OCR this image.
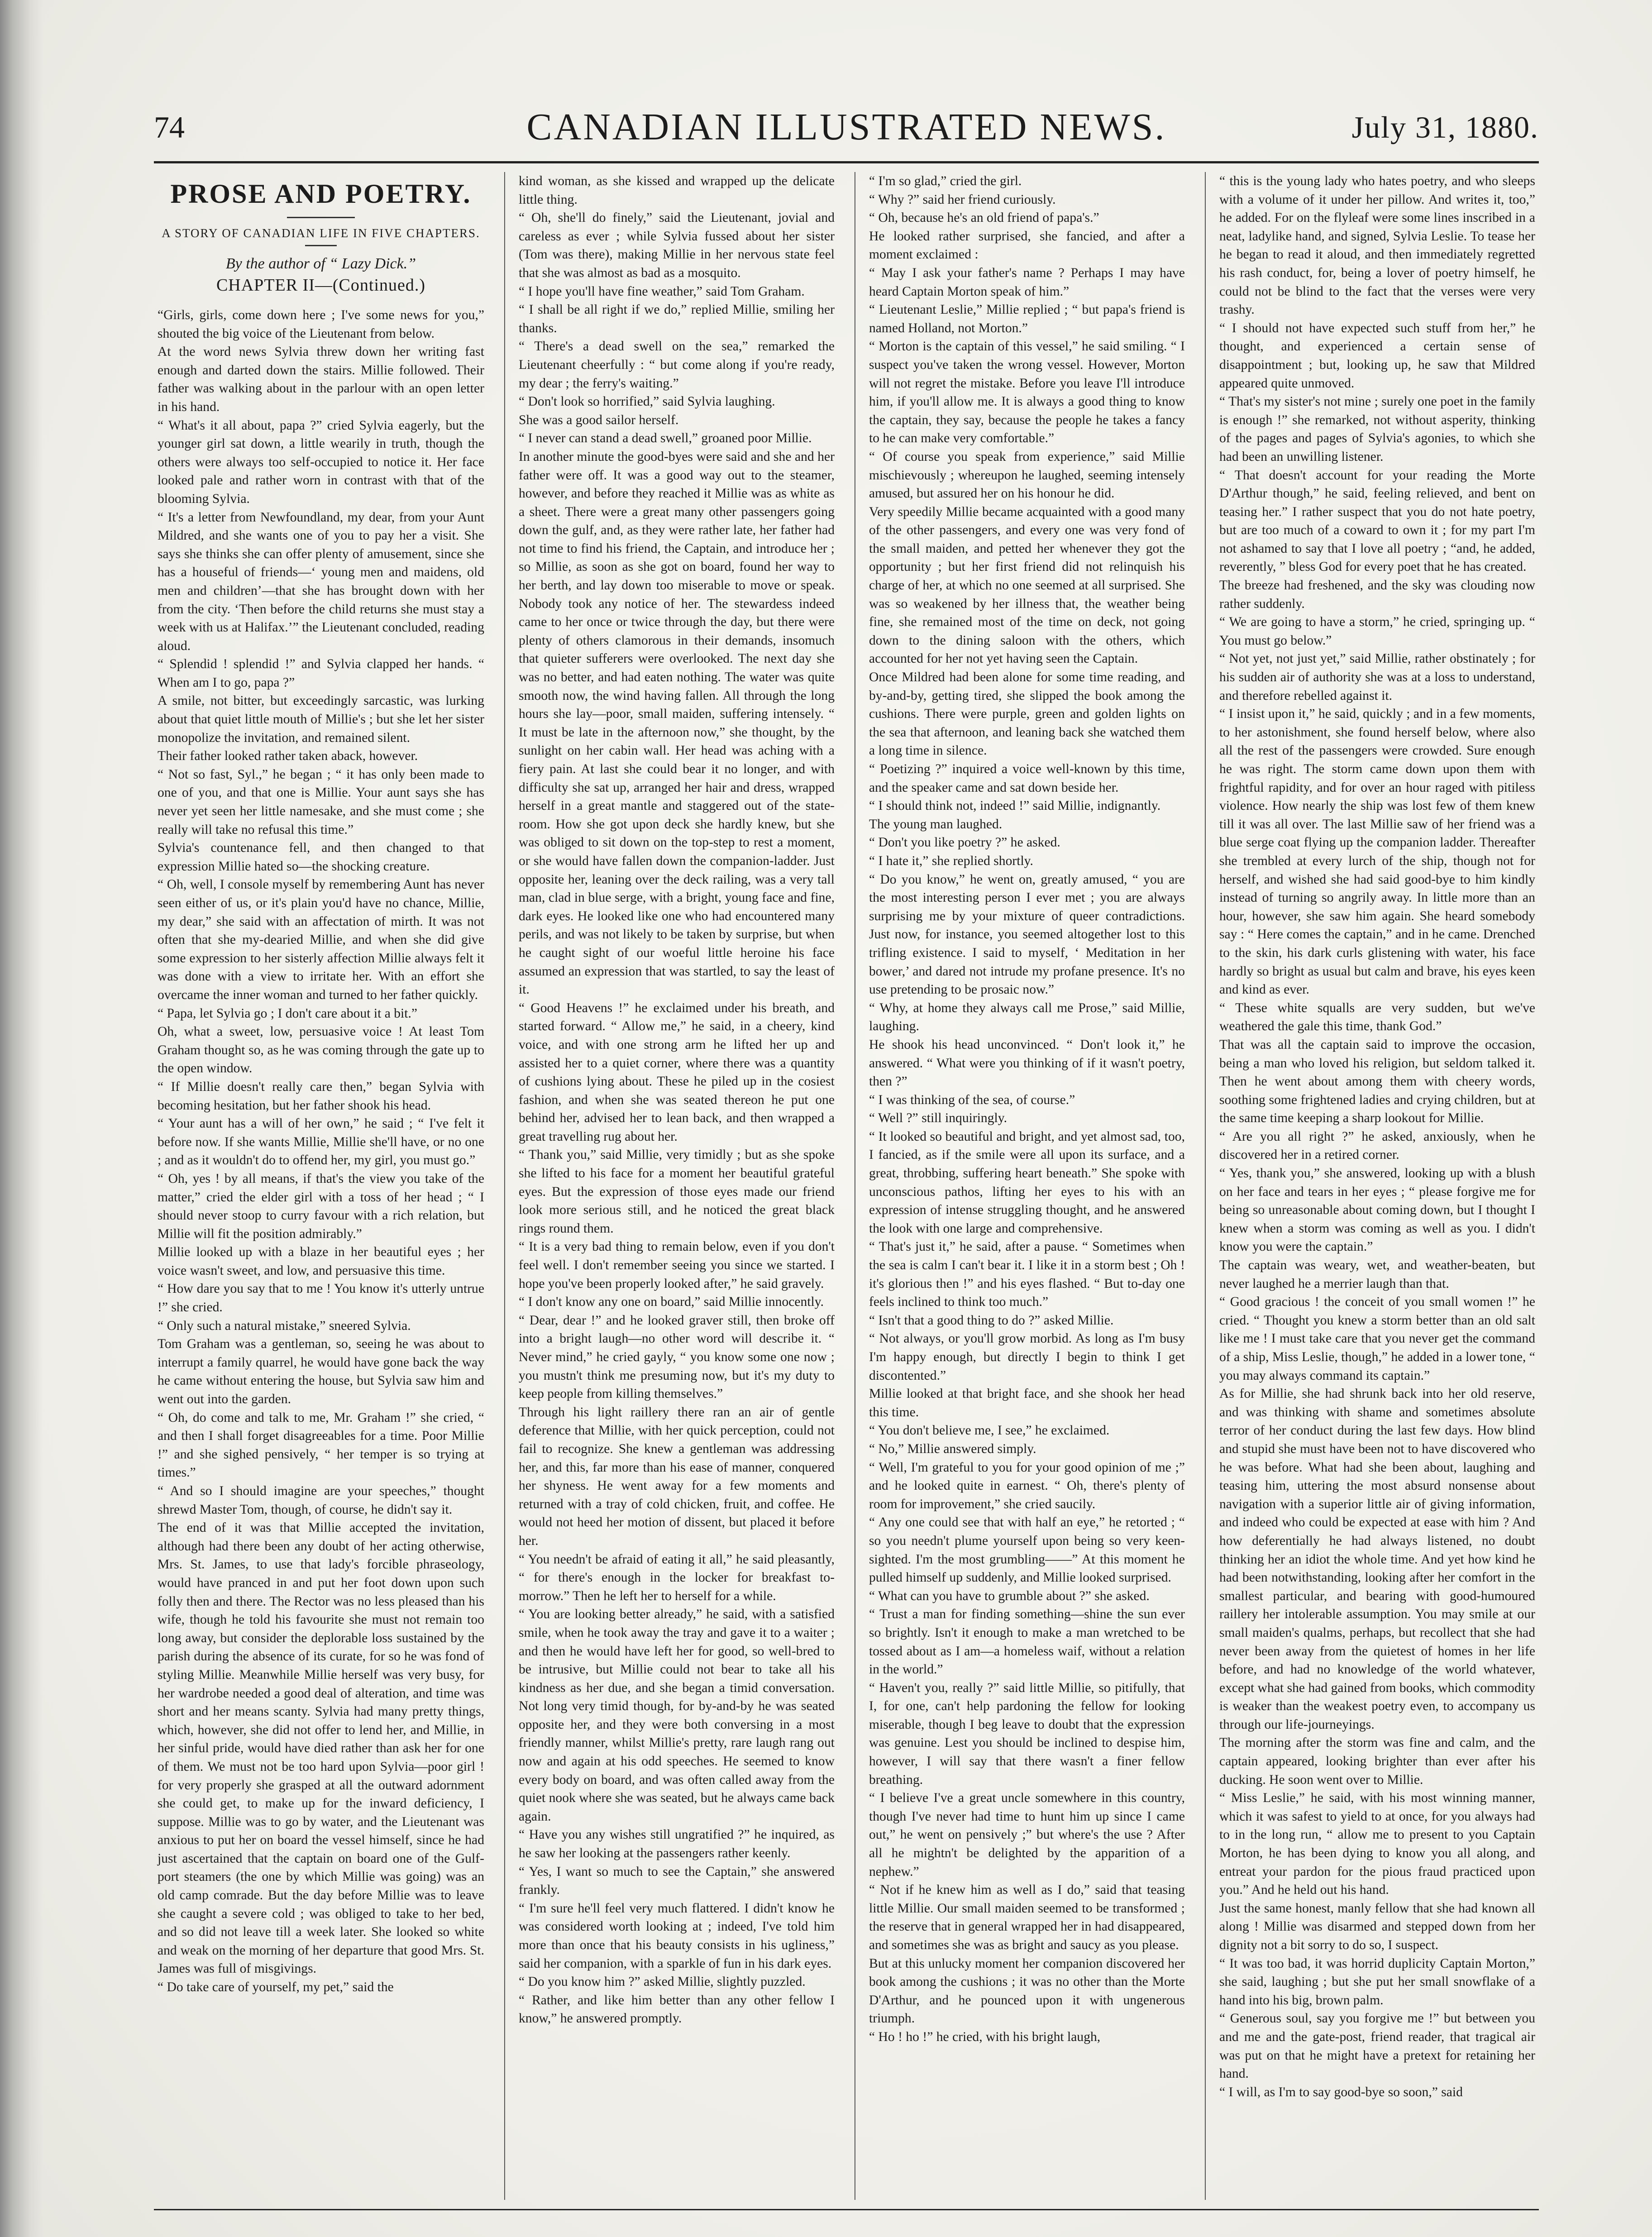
74	CANADIAN ILLUSTRATED NEWS.	July 31, 1880.
PROSE AND POETRY.
A STORY OF CANADIAN LIFE IN FIVE CHAPTERS.
By the author of “ Lazy Dick.”
CHAPTER II—(Continued.)
“Girls, girls, come down here ; I've some news for you,” shouted the big voice of the Lieutenant from below.
At the word news Sylvia threw down her writing fast enough and darted down the stairs. Millie followed. Their father was walking about in the parlour with an open letter in his hand.
“ What's it all about, papa ?” cried Sylvia eagerly, but the younger girl sat down, a little wearily in truth, though the others were always too self-occupied to notice it. Her face looked pale and rather worn in contrast with that of the blooming Sylvia.
“ It's a letter from Newfoundland, my dear, from your Aunt Mildred, and she wants one of you to pay her a visit. She says she thinks she can offer plenty of amusement, since she has a houseful of friends—‘ young men and maidens, old men and children’—that she has brought down with her from the city. ‘Then before the child returns she must stay a week with us at Halifax.’” the Lieutenant concluded, reading aloud.
“ Splendid ! splendid !” and Sylvia clapped her hands. “ When am I to go, papa ?”
A smile, not bitter, but exceedingly sarcastic, was lurking about that quiet little mouth of Millie's ; but she let her sister monopolize the invitation, and remained silent.
Their father looked rather taken aback, however.
“ Not so fast, Syl.,” he began ; “ it has only been made to one of you, and that one is Millie. Your aunt says she has never yet seen her little namesake, and she must come ; she really will take no refusal this time.”
Sylvia's countenance fell, and then changed to that expression Millie hated so—the shocking creature.
“ Oh, well, I console myself by remembering Aunt has never seen either of us, or it's plain you'd have no chance, Millie, my dear,” she said with an affectation of mirth. It was not often that she my-dearied Millie, and when she did give some expression to her sisterly affection Millie always felt it was done with a view to irritate her. With an effort she overcame the inner woman and turned to her father quickly.
“ Papa, let Sylvia go ; I don't care about it a bit.”
Oh, what a sweet, low, persuasive voice ! At least Tom Graham thought so, as he was coming through the gate up to the open window.
“ If Millie doesn't really care then,” began Sylvia with becoming hesitation, but her father shook his head.
“ Your aunt has a will of her own,” he said ; “ I've felt it before now. If she wants Millie, Millie she'll have, or no one ; and as it wouldn't do to offend her, my girl, you must go.”
“ Oh, yes ! by all means, if that's the view you take of the matter,” cried the elder girl with a toss of her head ; “ I should never stoop to curry favour with a rich relation, but Millie will fit the position admirably.”
Millie looked up with a blaze in her beautiful eyes ; her voice wasn't sweet, and low, and persuasive this time.
“ How dare you say that to me ! You know it's utterly untrue !” she cried.
“ Only such a natural mistake,” sneered Sylvia.
Tom Graham was a gentleman, so, seeing he was about to interrupt a family quarrel, he would have gone back the way he came without entering the house, but Sylvia saw him and went out into the garden.
“ Oh, do come and talk to me, Mr. Graham !” she cried, “ and then I shall forget disagreeables for a time. Poor Millie !” and she sighed pensively, “ her temper is so trying at times.”
“ And so I should imagine are your speeches,” thought shrewd Master Tom, though, of course, he didn't say it.
The end of it was that Millie accepted the invitation, although had there been any doubt of her acting otherwise, Mrs. St. James, to use that lady's forcible phraseology, would have pranced in and put her foot down upon such folly then and there. The Rector was no less pleased than his wife, though he told his favourite she must not remain too long away, but consider the deplorable loss sustained by the parish during the absence of its curate, for so he was fond of styling Millie. Meanwhile Millie herself was very busy, for her wardrobe needed a good deal of alteration, and time was short and her means scanty. Sylvia had many pretty things, which, however, she did not offer to lend her, and Millie, in her sinful pride, would have died rather than ask her for one of them. We must not be too hard upon Sylvia—poor girl ! for very properly she grasped at all the outward adornment she could get, to make up for the inward deficiency, I suppose. Millie was to go by water, and the Lieutenant was anxious to put her on board the vessel himself, since he had just ascertained that the captain on board one of the Gulf-port steamers (the one by which Millie was going) was an old camp comrade. But the day before Millie was to leave she caught a severe cold ; was obliged to take to her bed, and so did not leave till a week later. She looked so white and weak on the morning of her departure that good Mrs. St. James was full of misgivings.
“ Do take care of yourself, my pet,” said the
kind woman, as she kissed and wrapped up the delicate little thing.
“ Oh, she'll do finely,” said the Lieutenant, jovial and careless as ever ; while Sylvia fussed about her sister (Tom was there), making Millie in her nervous state feel that she was almost as bad as a mosquito.
“ I hope you'll have fine weather,” said Tom Graham.
“ I shall be all right if we do,” replied Millie, smiling her thanks.
“ There's a dead swell on the sea,” remarked the Lieutenant cheerfully : “ but come along if you're ready, my dear ; the ferry's waiting.”
“ Don't look so horrified,” said Sylvia laughing.
She was a good sailor herself.
“ I never can stand a dead swell,” groaned poor Millie.
In another minute the good-byes were said and she and her father were off. It was a good way out to the steamer, however, and before they reached it Millie was as white as a sheet. There were a great many other passengers going down the gulf, and, as they were rather late, her father had not time to find his friend, the Captain, and introduce her ; so Millie, as soon as she got on board, found her way to her berth, and lay down too miserable to move or speak. Nobody took any notice of her. The stewardess indeed came to her once or twice through the day, but there were plenty of others clamorous in their demands, insomuch that quieter sufferers were overlooked. The next day she was no better, and had eaten nothing. The water was quite smooth now, the wind having fallen. All through the long hours she lay—poor, small maiden, suffering intensely. “ It must be late in the afternoon now,” she thought, by the sunlight on her cabin wall. Her head was aching with a fiery pain. At last she could bear it no longer, and with difficulty she sat up, arranged her hair and dress, wrapped herself in a great mantle and staggered out of the state-room. How she got upon deck she hardly knew, but she was obliged to sit down on the top-step to rest a moment, or she would have fallen down the companion-ladder. Just opposite her, leaning over the deck railing, was a very tall man, clad in blue serge, with a bright, young face and fine, dark eyes. He looked like one who had encountered many perils, and was not likely to be taken by surprise, but when he caught sight of our woeful little heroine his face assumed an expression that was startled, to say the least of it.
“ Good Heavens !” he exclaimed under his breath, and started forward. “ Allow me,” he said, in a cheery, kind voice, and with one strong arm he lifted her up and assisted her to a quiet corner, where there was a quantity of cushions lying about. These he piled up in the cosiest fashion, and when she was seated thereon he put one behind her, advised her to lean back, and then wrapped a great travelling rug about her.
“ Thank you,” said Millie, very timidly ; but as she spoke she lifted to his face for a moment her beautiful grateful eyes. But the expression of those eyes made our friend look more serious still, and he noticed the great black rings round them.
“ It is a very bad thing to remain below, even if you don't feel well. I don't remember seeing you since we started. I hope you've been properly looked after,” he said gravely.
“ I don't know any one on board,” said Millie innocently.
“ Dear, dear !” and he looked graver still, then broke off into a bright laugh—no other word will describe it. “ Never mind,” he cried gayly, “ you know some one now ; you mustn't think me presuming now, but it's my duty to keep people from killing themselves.”
Through his light raillery there ran an air of gentle deference that Millie, with her quick perception, could not fail to recognize. She knew a gentleman was addressing her, and this, far more than his ease of manner, conquered her shyness. He went away for a few moments and returned with a tray of cold chicken, fruit, and coffee. He would not heed her motion of dissent, but placed it before her.
“ You needn't be afraid of eating it all,” he said pleasantly, “ for there's enough in the locker for breakfast to-morrow.” Then he left her to herself for a while.
“ You are looking better already,” he said, with a satisfied smile, when he took away the tray and gave it to a waiter ; and then he would have left her for good, so well-bred to be intrusive, but Millie could not bear to take all his kindness as her due, and she began a timid conversation. Not long very timid though, for by-and-by he was seated opposite her, and they were both conversing in a most friendly manner, whilst Millie's pretty, rare laugh rang out now and again at his odd speeches. He seemed to know every body on board, and was often called away from the quiet nook where she was seated, but he always came back again.
“ Have you any wishes still ungratified ?” he inquired, as he saw her looking at the passengers rather keenly.
“ Yes, I want so much to see the Captain,” she answered frankly.
“ I'm sure he'll feel very much flattered. I didn't know he was considered worth looking at ; indeed, I've told him more than once that his beauty consists in his ugliness,” said her companion, with a sparkle of fun in his dark eyes.
“ Do you know him ?” asked Millie, slightly puzzled.
“ Rather, and like him better than any other fellow I know,” he answered promptly.
“ I'm so glad,” cried the girl.
“ Why ?” said her friend curiously.
“ Oh, because he's an old friend of papa's.”
He looked rather surprised, she fancied, and after a moment exclaimed :
“ May I ask your father's name ? Perhaps I may have heard Captain Morton speak of him.”
“ Lieutenant Leslie,” Millie replied ; “ but papa's friend is named Holland, not Morton.”
“ Morton is the captain of this vessel,” he said smiling. “ I suspect you've taken the wrong vessel. However, Morton will not regret the mistake. Before you leave I'll introduce him, if you'll allow me. It is always a good thing to know the captain, they say, because the people he takes a fancy to he can make very comfortable.”
“ Of course you speak from experience,” said Millie mischievously ; whereupon he laughed, seeming intensely amused, but assured her on his honour he did.
Very speedily Millie became acquainted with a good many of the other passengers, and every one was very fond of the small maiden, and petted her whenever they got the opportunity ; but her first friend did not relinquish his charge of her, at which no one seemed at all surprised. She was so weakened by her illness that, the weather being fine, she remained most of the time on deck, not going down to the dining saloon with the others, which accounted for her not yet having seen the Captain.
Once Mildred had been alone for some time reading, and by-and-by, getting tired, she slipped the book among the cushions. There were purple, green and golden lights on the sea that afternoon, and leaning back she watched them a long time in silence.
“ Poetizing ?” inquired a voice well-known by this time, and the speaker came and sat down beside her.
“ I should think not, indeed !” said Millie, indignantly.
The young man laughed.
“ Don't you like poetry ?” he asked.
“ I hate it,” she replied shortly.
“ Do you know,” he went on, greatly amused, “ you are the most interesting person I ever met ; you are always surprising me by your mixture of queer contradictions. Just now, for instance, you seemed altogether lost to this trifling existence. I said to myself, ‘ Meditation in her bower,’ and dared not intrude my profane presence. It's no use pretending to be prosaic now.”
“ Why, at home they always call me Prose,” said Millie, laughing.
He shook his head unconvinced. “ Don't look it,” he answered. “ What were you thinking of if it wasn't poetry, then ?”
“ I was thinking of the sea, of course.”
“ Well ?” still inquiringly.
“ It looked so beautiful and bright, and yet almost sad, too, I fancied, as if the smile were all upon its surface, and a great, throbbing, suffering heart beneath.” She spoke with unconscious pathos, lifting her eyes to his with an expression of intense struggling thought, and he answered the look with one large and comprehensive.
“ That's just it,” he said, after a pause. “ Sometimes when the sea is calm I can't bear it. I like it in a storm best ; Oh ! it's glorious then !” and his eyes flashed. “ But to-day one feels inclined to think too much.”
“ Isn't that a good thing to do ?” asked Millie.
“ Not always, or you'll grow morbid. As long as I'm busy I'm happy enough, but directly I begin to think I get discontented.”
Millie looked at that bright face, and she shook her head this time.
“ You don't believe me, I see,” he exclaimed.
“ No,” Millie answered simply.
“ Well, I'm grateful to you for your good opinion of me ;” and he looked quite in earnest. “ Oh, there's plenty of room for improvement,” she cried saucily.
“ Any one could see that with half an eye,” he retorted ; “ so you needn't plume yourself upon being so very keen-sighted. I'm the most grumbling——” At this moment he pulled himself up suddenly, and Millie looked surprised.
“ What can you have to grumble about ?” she asked.
“ Trust a man for finding something—shine the sun ever so brightly. Isn't it enough to make a man wretched to be tossed about as I am—a homeless waif, without a relation in the world.”
“ Haven't you, really ?” said little Millie, so pitifully, that I, for one, can't help pardoning the fellow for looking miserable, though I beg leave to doubt that the expression was genuine. Lest you should be inclined to despise him, however, I will say that there wasn't a finer fellow breathing.
“ I believe I've a great uncle somewhere in this country, though I've never had time to hunt him up since I came out,” he went on pensively ;” but where's the use ? After all he mightn't be delighted by the apparition of a nephew.”
“ Not if he knew him as well as I do,” said that teasing little Millie. Our small maiden seemed to be transformed ; the reserve that in general wrapped her in had disappeared, and sometimes she was as bright and saucy as you please.
But at this unlucky moment her companion discovered her book among the cushions ; it was no other than the Morte D'Arthur, and he pounced upon it with ungenerous triumph.
“ Ho ! ho !” he cried, with his bright laugh,
“ this is the young lady who hates poetry, and who sleeps with a volume of it under her pillow. And writes it, too,” he added. For on the flyleaf were some lines inscribed in a neat, ladylike hand, and signed, Sylvia Leslie. To tease her he began to read it aloud, and then immediately regretted his rash conduct, for, being a lover of poetry himself, he could not be blind to the fact that the verses were very trashy.
“ I should not have expected such stuff from her,” he thought, and experienced a certain sense of disappointment ; but, looking up, he saw that Mildred appeared quite unmoved.
“ That's my sister's not mine ; surely one poet in the family is enough !” she remarked, not without asperity, thinking of the pages and pages of Sylvia's agonies, to which she had been an unwilling listener.
“ That doesn't account for your reading the Morte D'Arthur though,” he said, feeling relieved, and bent on teasing her.” I rather suspect that you do not hate poetry, but are too much of a coward to own it ; for my part I'm not ashamed to say that I love all poetry ; “and, he added, reverently, ” bless God for every poet that he has created.
The breeze had freshened, and the sky was clouding now rather suddenly.
“ We are going to have a storm,” he cried, springing up. “ You must go below.”
“ Not yet, not just yet,” said Millie, rather obstinately ; for his sudden air of authority she was at a loss to understand, and therefore rebelled against it.
“ I insist upon it,” he said, quickly ; and in a few moments, to her astonishment, she found herself below, where also all the rest of the passengers were crowded. Sure enough he was right. The storm came down upon them with frightful rapidity, and for over an hour raged with pitiless violence. How nearly the ship was lost few of them knew till it was all over. The last Millie saw of her friend was a blue serge coat flying up the companion ladder. Thereafter she trembled at every lurch of the ship, though not for herself, and wished she had said good-bye to him kindly instead of turning so angrily away. In little more than an hour, however, she saw him again. She heard somebody say : “ Here comes the captain,” and in he came. Drenched to the skin, his dark curls glistening with water, his face hardly so bright as usual but calm and brave, his eyes keen and kind as ever.
“ These white squalls are very sudden, but we've weathered the gale this time, thank God.”
That was all the captain said to improve the occasion, being a man who loved his religion, but seldom talked it. Then he went about among them with cheery words, soothing some frightened ladies and crying children, but at the same time keeping a sharp lookout for Millie.
“ Are you all right ?” he asked, anxiously, when he discovered her in a retired corner.
“ Yes, thank you,” she answered, looking up with a blush on her face and tears in her eyes ; “ please forgive me for being so unreasonable about coming down, but I thought I knew when a storm was coming as well as you. I didn't know you were the captain.”
The captain was weary, wet, and weather-beaten, but never laughed he a merrier laugh than that.
“ Good gracious ! the conceit of you small women !” he cried. “ Thought you knew a storm better than an old salt like me ! I must take care that you never get the command of a ship, Miss Leslie, though,” he added in a lower tone, “ you may always command its captain.”
As for Millie, she had shrunk back into her old reserve, and was thinking with shame and sometimes absolute terror of her conduct during the last few days. How blind and stupid she must have been not to have discovered who he was before. What had she been about, laughing and teasing him, uttering the most absurd nonsense about navigation with a superior little air of giving information, and indeed who could be expected at ease with him ? And how deferentially he had always listened, no doubt thinking her an idiot the whole time. And yet how kind he had been notwithstanding, looking after her comfort in the smallest particular, and bearing with good-humoured raillery her intolerable assumption. You may smile at our small maiden's qualms, perhaps, but recollect that she had never been away from the quietest of homes in her life before, and had no knowledge of the world whatever, except what she had gained from books, which commodity is weaker than the weakest poetry even, to accompany us through our life-journeyings.
The morning after the storm was fine and calm, and the captain appeared, looking brighter than ever after his ducking. He soon went over to Millie.
“ Miss Leslie,” he said, with his most winning manner, which it was safest to yield to at once, for you always had to in the long run, “ allow me to present to you Captain Morton, he has been dying to know you all along, and entreat your pardon for the pious fraud practiced upon you.” And he held out his hand.
Just the same honest, manly fellow that she had known all along ! Millie was disarmed and stepped down from her dignity not a bit sorry to do so, I suspect.
“ It was too bad, it was horrid duplicity Captain Morton,” she said, laughing ; but she put her small snowflake of a hand into his big, brown palm.
“ Generous soul, say you forgive me !” but between you and me and the gate-post, friend reader, that tragical air was put on that he might have a pretext for retaining her hand.
“ I will, as I'm to say good-bye so soon,” said
